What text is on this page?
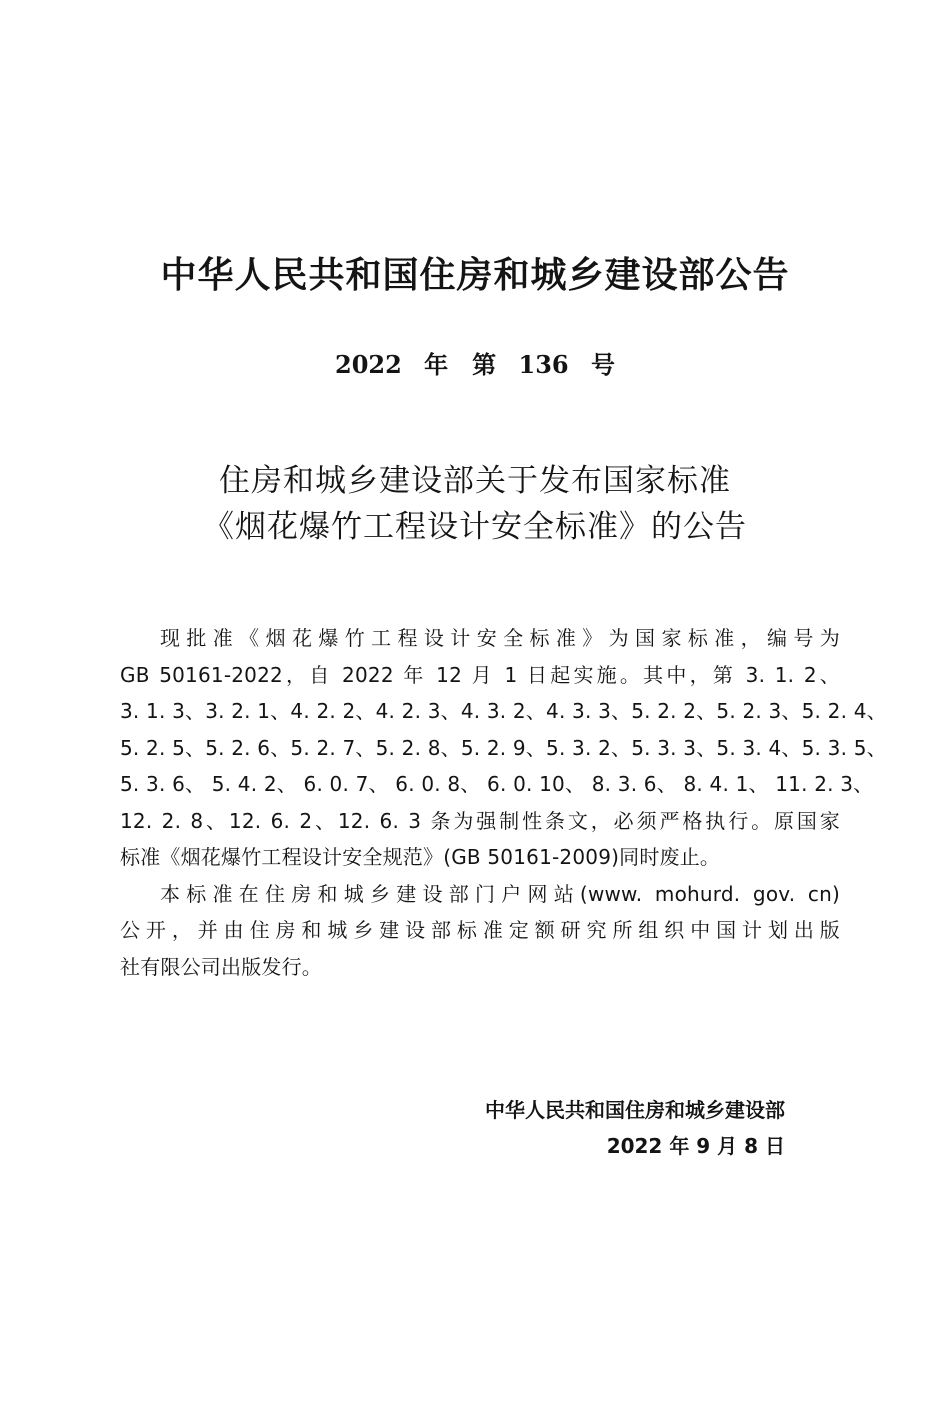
中华人民共和国住房和城乡建设部公告
2022 年　第 136 号
住房和城乡建设部关于发布国家标准
《烟花爆竹工程设计安全标准》的公告
现批准《烟花爆竹工程设计安全标准》为国家标准，编号为
GB 50161-2022，自 2022 年 12 月 1 日起实施。其中，第 3. 1. 2、
3. 1. 3、3. 2. 1、4. 2. 2、4. 2. 3、4. 3. 2、4. 3. 3、5. 2. 2、5. 2. 3、5. 2. 4、
5. 2. 5、5. 2. 6、5. 2. 7、5. 2. 8、5. 2. 9、5. 3. 2、5. 3. 3、5. 3. 4、5. 3. 5、
5. 3. 6、 5. 4. 2、 6. 0. 7、 6. 0. 8、 6. 0. 10、 8. 3. 6、 8. 4. 1、 11. 2. 3、
12. 2. 8、12. 6. 2、12. 6. 3 条为强制性条文，必须严格执行。原国家
标准《烟花爆竹工程设计安全规范》(GB 50161-2009)同时废止。
本标准在住房和城乡建设部门户网站(www. mohurd. gov. cn)
公开，并由住房和城乡建设部标准定额研究所组织中国计划出版
社有限公司出版发行。
中华人民共和国住房和城乡建设部
2022 年 9 月 8 日
